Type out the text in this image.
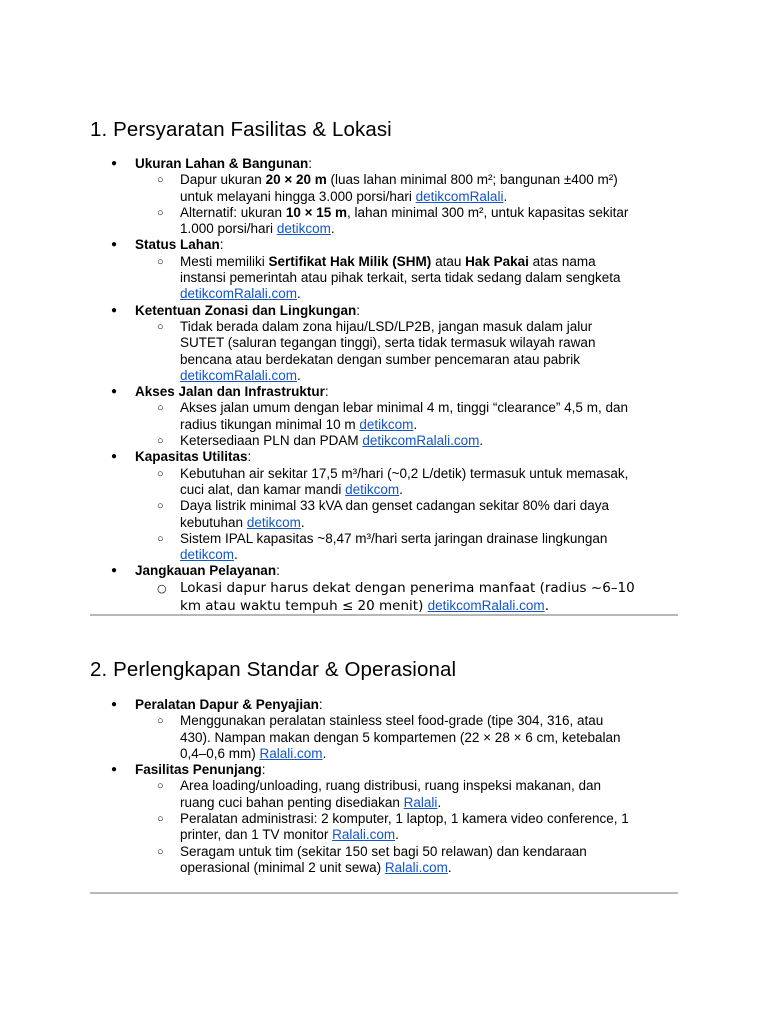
1. Persyaratan Fasilitas & Lokasi
● Ukuran Lahan & Bangunan:
○ Dapur ukuran 20 × 20 m (luas lahan minimal 800 m²; bangunan ±400 m²) untuk melayani hingga 3.000 porsi/hari detikcomRalali.
○ Alternatif: ukuran 10 × 15 m, lahan minimal 300 m², untuk kapasitas sekitar 1.000 porsi/hari detikcom.
● Status Lahan:
○ Mesti memiliki Sertifikat Hak Milik (SHM) atau Hak Pakai atas nama instansi pemerintah atau pihak terkait, serta tidak sedang dalam sengketa detikcomRalali.com.
● Ketentuan Zonasi dan Lingkungan:
○ Tidak berada dalam zona hijau/LSD/LP2B, jangan masuk dalam jalur SUTET (saluran tegangan tinggi), serta tidak termasuk wilayah rawan bencana atau berdekatan dengan sumber pencemaran atau pabrik detikcomRalali.com.
● Akses Jalan dan Infrastruktur:
○ Akses jalan umum dengan lebar minimal 4 m, tinggi “clearance” 4,5 m, dan radius tikungan minimal 10 m detikcom.
○ Ketersediaan PLN dan PDAM detikcomRalali.com.
● Kapasitas Utilitas:
○ Kebutuhan air sekitar 17,5 m³/hari (~0,2 L/detik) termasuk untuk memasak, cuci alat, dan kamar mandi detikcom.
○ Daya listrik minimal 33 kVA dan genset cadangan sekitar 80% dari daya kebutuhan detikcom.
○ Sistem IPAL kapasitas ~8,47 m³/hari serta jaringan drainase lingkungan detikcom.
● Jangkauan Pelayanan:
○ Lokasi dapur harus dekat dengan penerima manfaat (radius ~6–10 km atau waktu tempuh ≤ 20 menit) detikcomRalali.com.
2. Perlengkapan Standar & Operasional
● Peralatan Dapur & Penyajian:
○ Menggunakan peralatan stainless steel food-grade (tipe 304, 316, atau 430). Nampan makan dengan 5 kompartemen (22 × 28 × 6 cm, ketebalan 0,4–0,6 mm) Ralali.com.
● Fasilitas Penunjang:
○ Area loading/unloading, ruang distribusi, ruang inspeksi makanan, dan ruang cuci bahan penting disediakan Ralali.
○ Peralatan administrasi: 2 komputer, 1 laptop, 1 kamera video conference, 1 printer, dan 1 TV monitor Ralali.com.
○ Seragam untuk tim (sekitar 150 set bagi 50 relawan) dan kendaraan operasional (minimal 2 unit sewa) Ralali.com.
